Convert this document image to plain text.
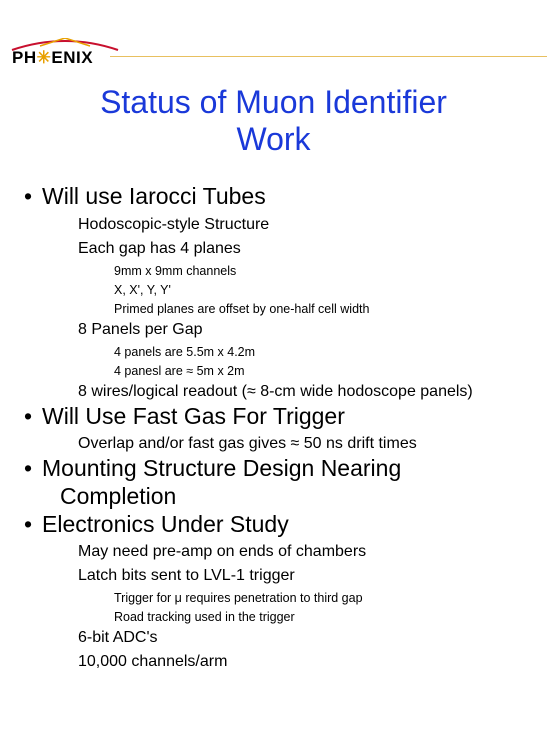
PH✳ENIX
Status of Muon Identifier
Work
• Will use Iarocci Tubes
Hodoscopic-style Structure
Each gap has 4 planes
9mm x 9mm channels
X, X', Y, Y'
Primed planes are offset by one-half cell width
8 Panels per Gap
4 panels are 5.5m x 4.2m
4 panesl are ≈ 5m x 2m
8 wires/logical readout (≈ 8-cm wide hodoscope panels)
• Will Use Fast Gas For Trigger
Overlap and/or fast gas gives ≈ 50 ns drift times
• Mounting Structure Design Nearing
Completion
• Electronics Under Study
May need pre-amp on ends of chambers
Latch bits sent to LVL-1 trigger
Trigger for μ requires penetration to third gap
Road tracking used in the trigger
6-bit ADC's
10,000 channels/arm
